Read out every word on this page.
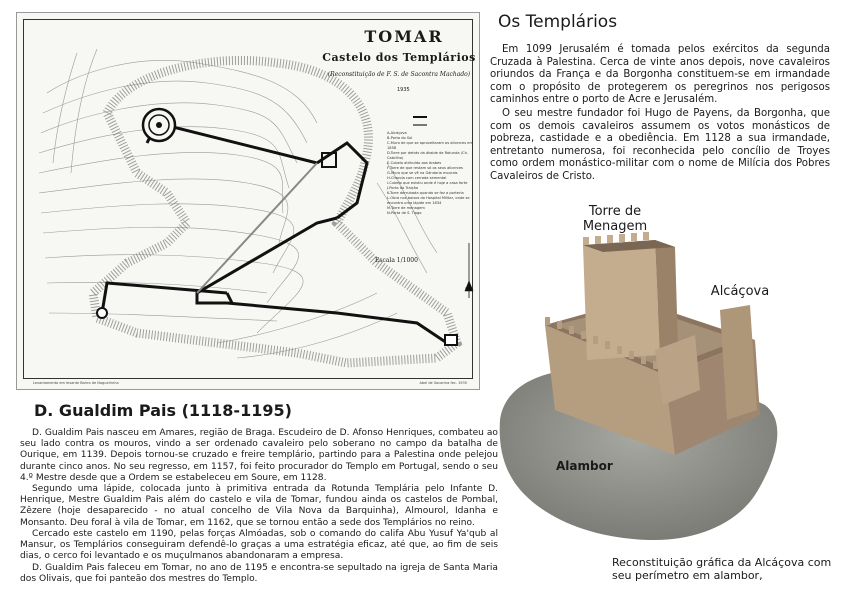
TOMAR
Castelo dos Templários
(Reconstituição de F. S. de Sacontra Machado)
1935
Escala 1/1000
A-Alcáçova
B-Porta do Sol
C-Muro de que se aproveitaram os alicerces em 1858
D-Torre por detrás da ábside da Rotunda (Ch. Cabrilho)
E-Cubelo atribuído aos árabes
F-Torre de que restam só os seus alicerces
G-Muro que se vê na Gândaria mourais
H-Charola com cerrada semental
I-Cubelo que existiu onde é hoje a casa forte
J-Porta da Traição
K-Torre derrubada quando se fez a porteria
L-Obra nos baixos do Hospital Militar, onde se encontra uma lápide em 1834
M-Torre de menagem
N-Porta de S. Tiago
Levantamento em levante Bairro de Nogueirinha	Abel de Sacontra fec. 1935
Os Templários

Em 1099 Jerusalém é tomada pelos exércitos da segunda Cruzada à Palestina. Cerca de vinte anos depois, nove cavaleiros oriundos da França e da Borgonha constituem-se em irmandade com o propósito de protegerem os peregrinos nos perigosos caminhos entre o porto de Acre e Jerusalém.

O seu mestre fundador foi Hugo de Payens, da Borgonha, que com os demois cavaleiros assumem os votos monásticos de pobreza, castidade e a obediência. Em 1128 a sua irmandade, entretanto numerosa, foi reconhecida pelo concílio de Troyes como ordem monástico-militar com o nome de Milícia dos Pobres Cavaleiros de Cristo.

Torre de Menagem
Alcáçova
Alambor
Reconstituição gráfica da Alcáçova com seu perímetro em alambor,
D. Gualdim Pais (1118-1195)

D. Gualdim Pais nasceu em Amares, região de Braga. Escudeiro de D. Afonso Henriques, combateu ao seu lado contra os mouros, vindo a ser ordenado cavaleiro pelo soberano no campo da batalha de Ourique, em 1139. Depois tornou-se cruzado e freire templário, partindo para a Palestina onde pelejou durante cinco anos. No seu regresso, em 1157, foi feito procurador do Templo em Portugal, sendo o seu 4.º Mestre desde que a Ordem se estabeleceu em Soure, em 1128.

Segundo uma lápide, colocada junto à primitiva entrada da Rotunda Templária pelo Infante D. Henrique, Mestre Gualdim Pais além do castelo e vila de Tomar, fundou ainda os castelos de Pombal, Zêzere (hoje desaparecido - no atual concelho de Vila Nova da Barquinha), Almourol, Idanha e Monsanto. Deu foral à vila de Tomar, em 1162, que se tornou então a sede dos Templários no reino.

Cercado este castelo em 1190, pelas forças Almóadas, sob o comando do califa Abu Yusuf Ya'qub al Mansur, os Templários conseguiram defendê-lo graças a uma estratégia eficaz, até que, ao fim de seis dias, o cerco foi levantado e os muçulmanos abandonaram a empresa.

D. Gualdim Pais faleceu em Tomar, no ano de 1195 e encontra-se sepultado na igreja de Santa Maria dos Olivais, que foi panteão dos mestres do Templo.
